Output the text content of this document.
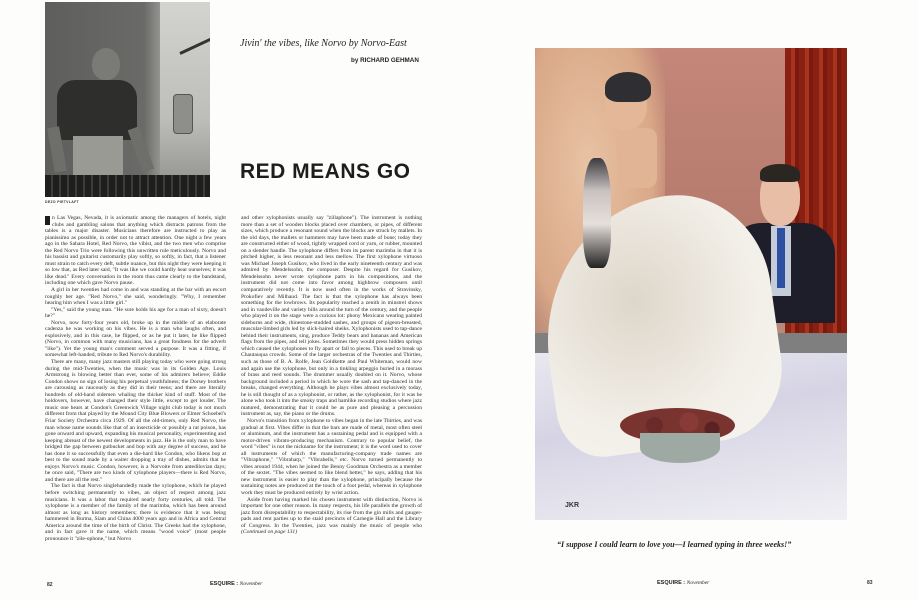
DEZO PIETVLAFT
Jivin' the vibes, like Norvo by Norvo-East
by RICHARD GEHMAN
RED MEANS GO

n Las Vegas, Nevada, it is axiomatic among the managers of hotels, night clubs and gambling salons that anything which distracts patrons from the tables is a major disaster. Musicians therefore are instructed to play as pianissimo as possible, in order not to attract attention. One night a few years ago in the Sahara Hotel, Red Norvo, the vibist, and the two men who comprise the Red Norvo Trio were following this unwritten rule meticulously. Norvo and his bassist and guitarist customarily play softly, so softly, in fact, that a listener must strain to catch every deft, subtle nuance, but this night they were keeping it so low that, as Red later said, "It was like we could hardly hear ourselves; it was like dead." Every conversation in the room thus came clearly to the bandstand, including one which gave Norvo pause.

A girl in her twenties had come in and was standing at the bar with an escort roughly her age. "Red Norvo," she said, wonderingly. "Why, I remember hearing him when I was a little girl."

"Yes," said the young man. "He sure holds his age for a man of sixty, doesn't he?"

Norvo, now forty-four years old, broke up in the middle of an elaborate cadenza he was working on his vibes. He is a man who laughs often, and explosively, and in this case, he flipped, or as he put it later, he like flipped (Norvo, in common with many musicians, has a great fondness for the adverb "like"). Yet the young man's comment served a purpose. It was a fitting, if somewhat left-handed, tribute to Red Norvo's durability.

There are many, many jazz masters still playing today who were going strong during the mid-Twenties, when the music was in its Golden Age. Louis Armstrong is blowing better than ever, some of his admirers believe; Eddie Condon shows no sign of losing his perpetual youthfulness; the Dorsey brothers are carousing as raucously as they did in their teens; and there are literally hundreds of old-hand sidemen whaling the thicker kind of stuff. Most of the holdovers, however, have changed their style little, except to get louder. The music one hears at Condon's Greenwich Village night club today is not much different from that played by the Mound City Blue Blowers or Elmer Schoebel's Friar Society Orchestra circa 1929. Of all the old-timers, only Red Norvo, the man whose name sounds like that of an insecticide or possibly a rat poison, has gone onward and upward, expanding his musical personality, experimenting and keeping abreast of the newest developments in jazz. He is the only man to have bridged the gap between gutbucket and bop with any degree of success, and he has done it so successfully that even a die-hard like Condon, who likens bop at best to the sound made by a waiter dropping a tray of dishes, admits that he enjoys Norvo's music. Condon, however, is a Norvoite from antediluvian days; he once said, "There are two kinds of xylophone players—there is Red Norvo, and there are all the rest."

The fact is that Norvo singlehandedly made the xylophone, which he played before switching permanently to vibes, an object of respect among jazz musicians. It was a labor that required nearly forty centuries, all told. The xylophone is a member of the family of the marimba, which has been around almost as long as history remembers; there is evidence that it was being hammered in Burma, Siam and China 4000 years ago and in Africa and Central America around the time of the birth of Christ. The Greeks had the xylophone, and in fact gave it the name, which means "wood voice" (most people pronounce it "zile-ophone," but Norvo

and other xylophonists usually say "zillaphone"). The instrument is nothing more than a set of wooden blocks placed over chambers, or pipes, of different sizes, which produce a resonant sound when the blocks are struck by mallets. In the old days, the mallets or hammers may have been made of bone; today they are constructed either of wood, tightly wrapped cord or yarn, or rubber, mounted on a slender handle. The xylophone differs from its parent marimba in that it is pitched higher, is less resonant and less mellow. The first xylophone virtuoso was Michael Joseph Gusikov, who lived in the early nineteenth century and was admired by Mendelssohn, the composer. Despite his regard for Gusikov, Mendelssohn never wrote xylophone parts in his compositions, and the instrument did not come into favor among highbrow composers until comparatively recently. It is now used often in the works of Stravinsky, Prokofiev and Milhaud. The fact is that the xylophone has always been something for the lowbrows. Its popularity reached a zenith in minstrel shows and in vaudeville and variety bills around the turn of the century, and the people who played it on the stage were a curious lot: phony Mexicans wearing painted sideburns and wide, rhinestone-studded sashes, and groups of pigeon-breasted, muscular-limbed girls led by slick-haired sheiks. Xylophonists used to tap-dance behind their instruments, sing, produce Teddy bears and bananas and American flags from the pipes, and tell jokes. Sometimes they would press hidden springs which caused the xylophones to fly apart or fall to pieces. This used to break up Chautauqua crowds. Some of the larger orchestras of the Twenties and Thirties, such as those of B. A. Rolfe, Jean Goldkette and Paul Whiteman, would now and again use the xylophone, but only in a tinkling arpeggio buried in a morass of brass and reed sounds. The drummer usually doubled on it. Norvo, whose background included a period in which he wore the sash and tap-danced in the breaks, changed everything. Although he plays vibes almost exclusively today, he is still thought of as a xylophonist, or rather, as the xylophonist, for it was he alone who took it into the smoky traps and hamlike recording studios where jazz matured, demonstrating that it could be as pure and pleasing a percussion instrument as, say, the piano or the drums.

Norvo's transition from xylophone to vibes began in the late Thirties, and was gradual at first. Vibes differ in that the bars are made of metal, most often steel or aluminum, and the instrument has a sustaining pedal and is equipped with a motor-driven vibrato-producing mechanism. Contrary to popular belief, the word "vibes" is not the nickname for the instrument; it is the word used to cover all instruments of which the manufacturing-company trade names are "Vibraphone," "Vibraharp," "Vibrabells," etc. Norvo turned permanently to vibes around 1944, when he joined the Benny Goodman Orchestra as a member of the sextet. "The vibes seemed to like blend better," he says, adding that his new instrument is easier to play than the xylophone, principally because the sustaining notes are produced at the touch of a foot pedal, whereas in xylophone work they must be produced entirely by wrist action.

Aside from having marked his chosen instrument with distinction, Norvo is important for one other reason. In many respects, his life parallels the growth of jazz from disreputability to respectability, its rise from the gin mills and gauger-pads and rent parties up to the staid precincts of Carnegie Hall and the Library of Congress. In the Twenties, jazz was mainly the music of people who (Continued on page 131)

82	ESQUIRE : November
JKR
“I suppose I could learn to love you—I learned typing in three weeks!”
ESQUIRE : November	83
